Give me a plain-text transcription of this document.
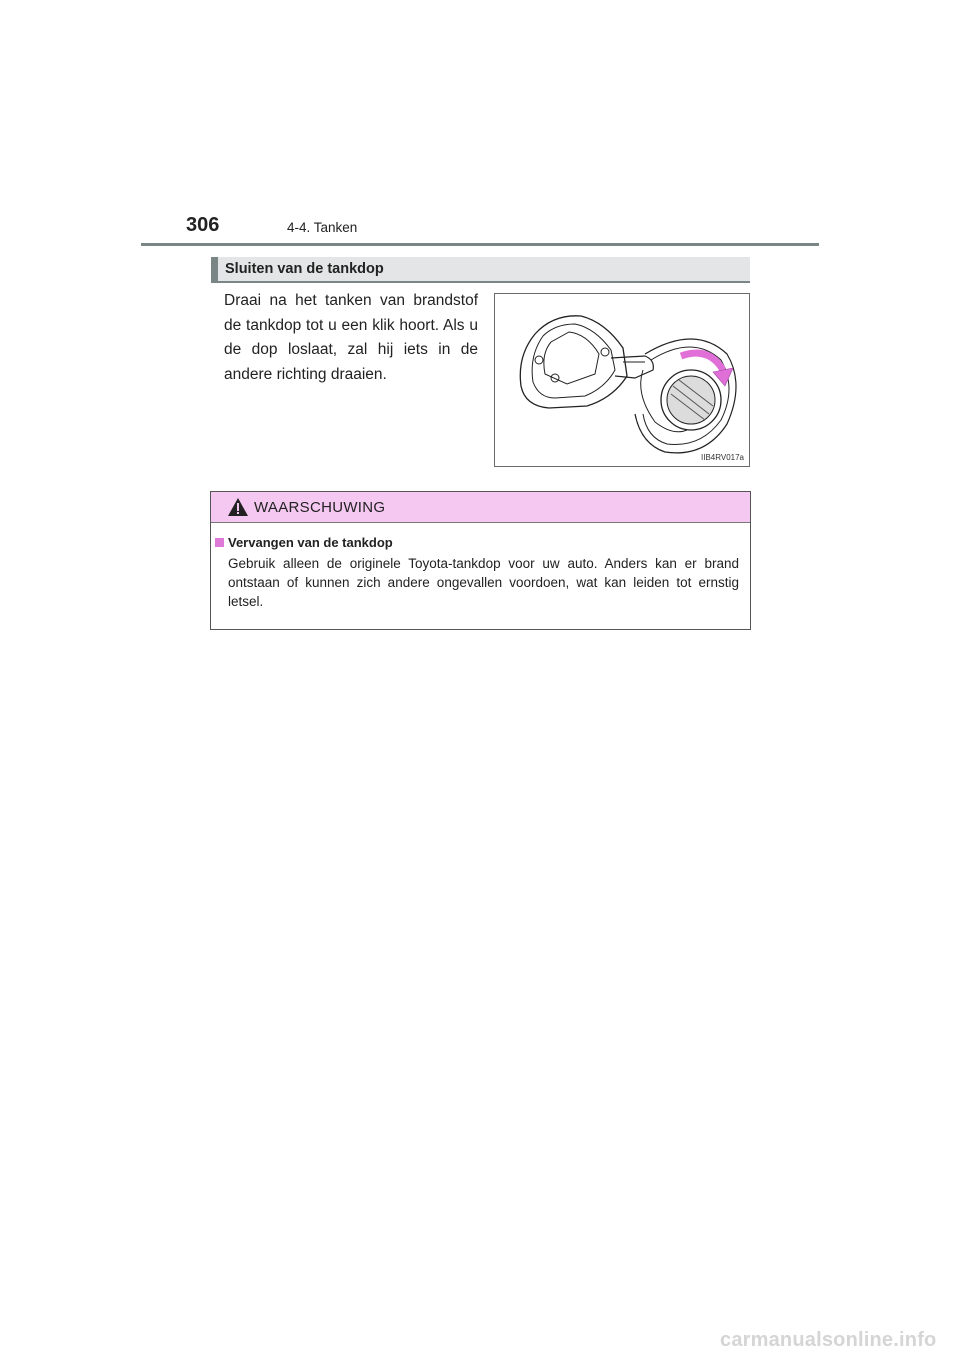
306	4-4. Tanken
Sluiten van de tankdop
Draai na het tanken van brandstof de tankdop tot u een klik hoort. Als u de dop loslaat, zal hij iets in de andere richting draaien.
IIB4RV017a
WAARSCHUWING
Vervangen van de tankdop
Gebruik alleen de originele Toyota-tankdop voor uw auto. Anders kan er brand ontstaan of kunnen zich andere ongevallen voordoen, wat kan leiden tot ernstig letsel.
carmanualsonline.info
